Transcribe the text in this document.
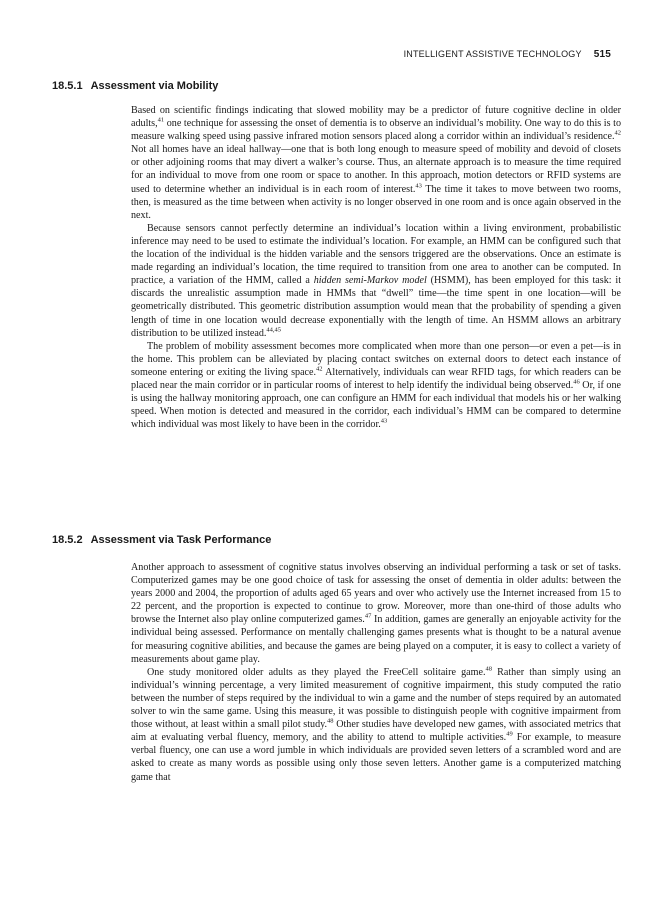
INTELLIGENT ASSISTIVE TECHNOLOGY 515
18.5.1 Assessment via Mobility

Based on scientific findings indicating that slowed mobility may be a predictor of future cognitive decline in older adults,$^{41}$ one technique for assessing the onset of dementia is to observe an individual’s mobility. One way to do this is to measure walking speed using passive infrared motion sensors placed along a corridor within an individual’s residence.$^{42}$ Not all homes have an ideal hallway—one that is both long enough to measure speed of mobility and devoid of closets or other adjoining rooms that may divert a walker’s course. Thus, an alternate approach is to measure the time required for an individual to move from one room or space to another. In this approach, motion detectors or RFID systems are used to determine whether an individual is in each room of interest.$^{43}$ The time it takes to move between two rooms, then, is measured as the time between when activity is no longer observed in one room and is once again observed in the next.

Because sensors cannot perfectly determine an individual’s location within a living environment, probabilistic inference may need to be used to estimate the individual’s location. For example, an HMM can be configured such that the location of the individual is the hidden variable and the sensors triggered are the observations. Once an estimate is made regarding an individual’s location, the time required to transition from one area to another can be computed. In practice, a variation of the HMM, called a hidden semi-Markov model (HSMM), has been employed for this task: it discards the unrealistic assumption made in HMMs that “dwell” time—the time spent in one location—will be geometrically distributed. This geometric distribution assumption would mean that the probability of spending a given length of time in one location would decrease exponentially with the length of time. An HSMM allows an arbitrary distribution to be utilized instead.$^{44,45}$

The problem of mobility assessment becomes more complicated when more than one person—or even a pet—is in the home. This problem can be alleviated by placing contact switches on external doors to detect each instance of someone entering or exiting the living space.$^{42}$ Alternatively, individuals can wear RFID tags, for which readers can be placed near the main corridor or in particular rooms of interest to help identify the individual being observed.$^{46}$ Or, if one is using the hallway monitoring approach, one can configure an HMM for each individual that models his or her walking speed. When motion is detected and measured in the corridor, each individual’s HMM can be compared to determine which individual was most likely to have been in the corridor.$^{43}$

18.5.2 Assessment via Task Performance

Another approach to assessment of cognitive status involves observing an individual performing a task or set of tasks. Computerized games may be one good choice of task for assessing the onset of dementia in older adults: between the years 2000 and 2004, the proportion of adults aged 65 years and over who actively use the Internet increased from 15 to 22 percent, and the proportion is expected to continue to grow. Moreover, more than one-third of those adults who browse the Internet also play online computerized games.$^{47}$ In addition, games are generally an enjoyable activity for the individual being assessed. Performance on mentally challenging games presents what is thought to be a natural avenue for measuring cognitive abilities, and because the games are being played on a computer, it is easy to collect a variety of measurements about game play.

One study monitored older adults as they played the FreeCell solitaire game.$^{48}$ Rather than simply using an individual’s winning percentage, a very limited measurement of cognitive impairment, this study computed the ratio between the number of steps required by the individual to win a game and the number of steps required by an automated solver to win the same game. Using this measure, it was possible to distinguish people with cognitive impairment from those without, at least within a small pilot study.$^{48}$ Other studies have developed new games, with associated metrics that aim at evaluating verbal fluency, memory, and the ability to attend to multiple activities.$^{49}$ For example, to measure verbal fluency, one can use a word jumble in which individuals are provided seven letters of a scrambled word and are asked to create as many words as possible using only those seven letters. Another game is a computerized matching game that
